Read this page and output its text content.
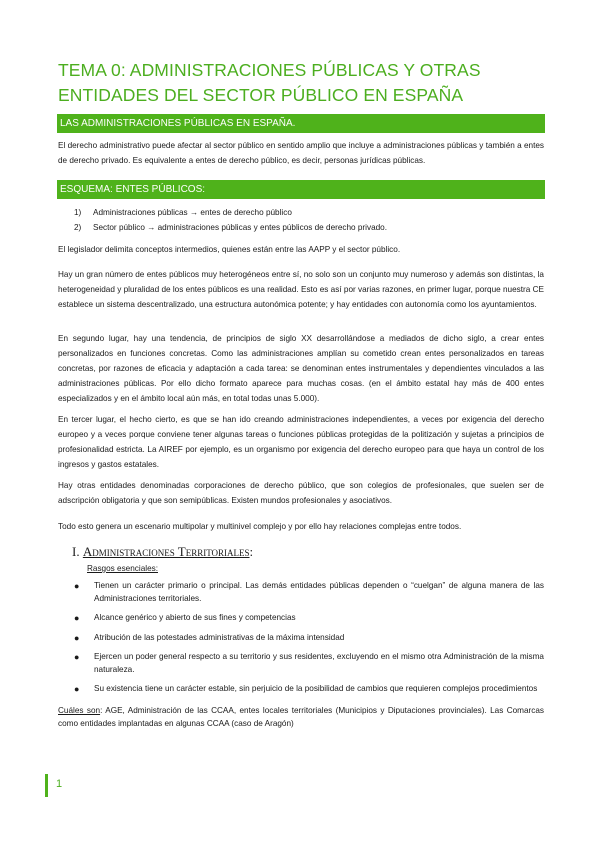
TEMA 0: ADMINISTRACIONES PÚBLICAS Y OTRAS ENTIDADES DEL SECTOR PÚBLICO EN ESPAÑA
LAS ADMINISTRACIONES PÚBLICAS EN ESPAÑA.
El derecho administrativo puede afectar al sector público en sentido amplio que incluye a administraciones públicas y también a entes de derecho privado. Es equivalente a entes de derecho público, es decir, personas jurídicas públicas.
ESQUEMA: ENTES PÚBLICOS:
1)	Administraciones públicas → entes de derecho público
2)	Sector público → administraciones públicas y entes públicos de derecho privado.
El legislador delimita conceptos intermedios, quienes están entre las AAPP y el sector público.
Hay un gran número de entes públicos muy heterogéneos entre sí, no solo son un conjunto muy numeroso y además son distintas, la heterogeneidad y pluralidad de los entes públicos es una realidad. Esto es así por varias razones, en primer lugar, porque nuestra CE establece un sistema descentralizado, una estructura autonómica potente; y hay entidades con autonomía como los ayuntamientos.
En segundo lugar, hay una tendencia, de principios de siglo XX desarrollándose a mediados de dicho siglo, a crear entes personalizados en funciones concretas. Como las administraciones amplían su cometido crean entes personalizados en tareas concretas, por razones de eficacia y adaptación a cada tarea: se denominan entes instrumentales y dependientes vinculados a las administraciones públicas. Por ello dicho formato aparece para muchas cosas. (en el ámbito estatal hay más de 400 entes especializados y en el ámbito local aún más, en total todas unas 5.000).
En tercer lugar, el hecho cierto, es que se han ido creando administraciones independientes, a veces por exigencia del derecho europeo y a veces porque conviene tener algunas tareas o funciones públicas protegidas de la politización y sujetas a principios de profesionalidad estricta. La AIREF por ejemplo, es un organismo por exigencia del derecho europeo para que haya un control de los ingresos y gastos estatales.
Hay otras entidades denominadas corporaciones de derecho público, que son colegios de profesionales, que suelen ser de adscripción obligatoria y que son semipúblicas. Existen mundos profesionales y asociativos.
Todo esto genera un escenario multipolar y multinivel complejo y por ello hay relaciones complejas entre todos.
I. Administraciones Territoriales:
Rasgos esenciales:
●	Tienen un carácter primario o principal. Las demás entidades públicas dependen o “cuelgan” de alguna manera de las Administraciones territoriales.
●	Alcance genérico y abierto de sus fines y competencias
●	Atribución de las potestades administrativas de la máxima intensidad
●	Ejercen un poder general respecto a su territorio y sus residentes, excluyendo en el mismo otra Administración de la misma naturaleza.
●	Su existencia tiene un carácter estable, sin perjuicio de la posibilidad de cambios que requieren complejos procedimientos
Cuáles son: AGE, Administración de las CCAA, entes locales territoriales (Municipios y Diputaciones provinciales). Las Comarcas como entidades implantadas en algunas CCAA (caso de Aragón)
1
